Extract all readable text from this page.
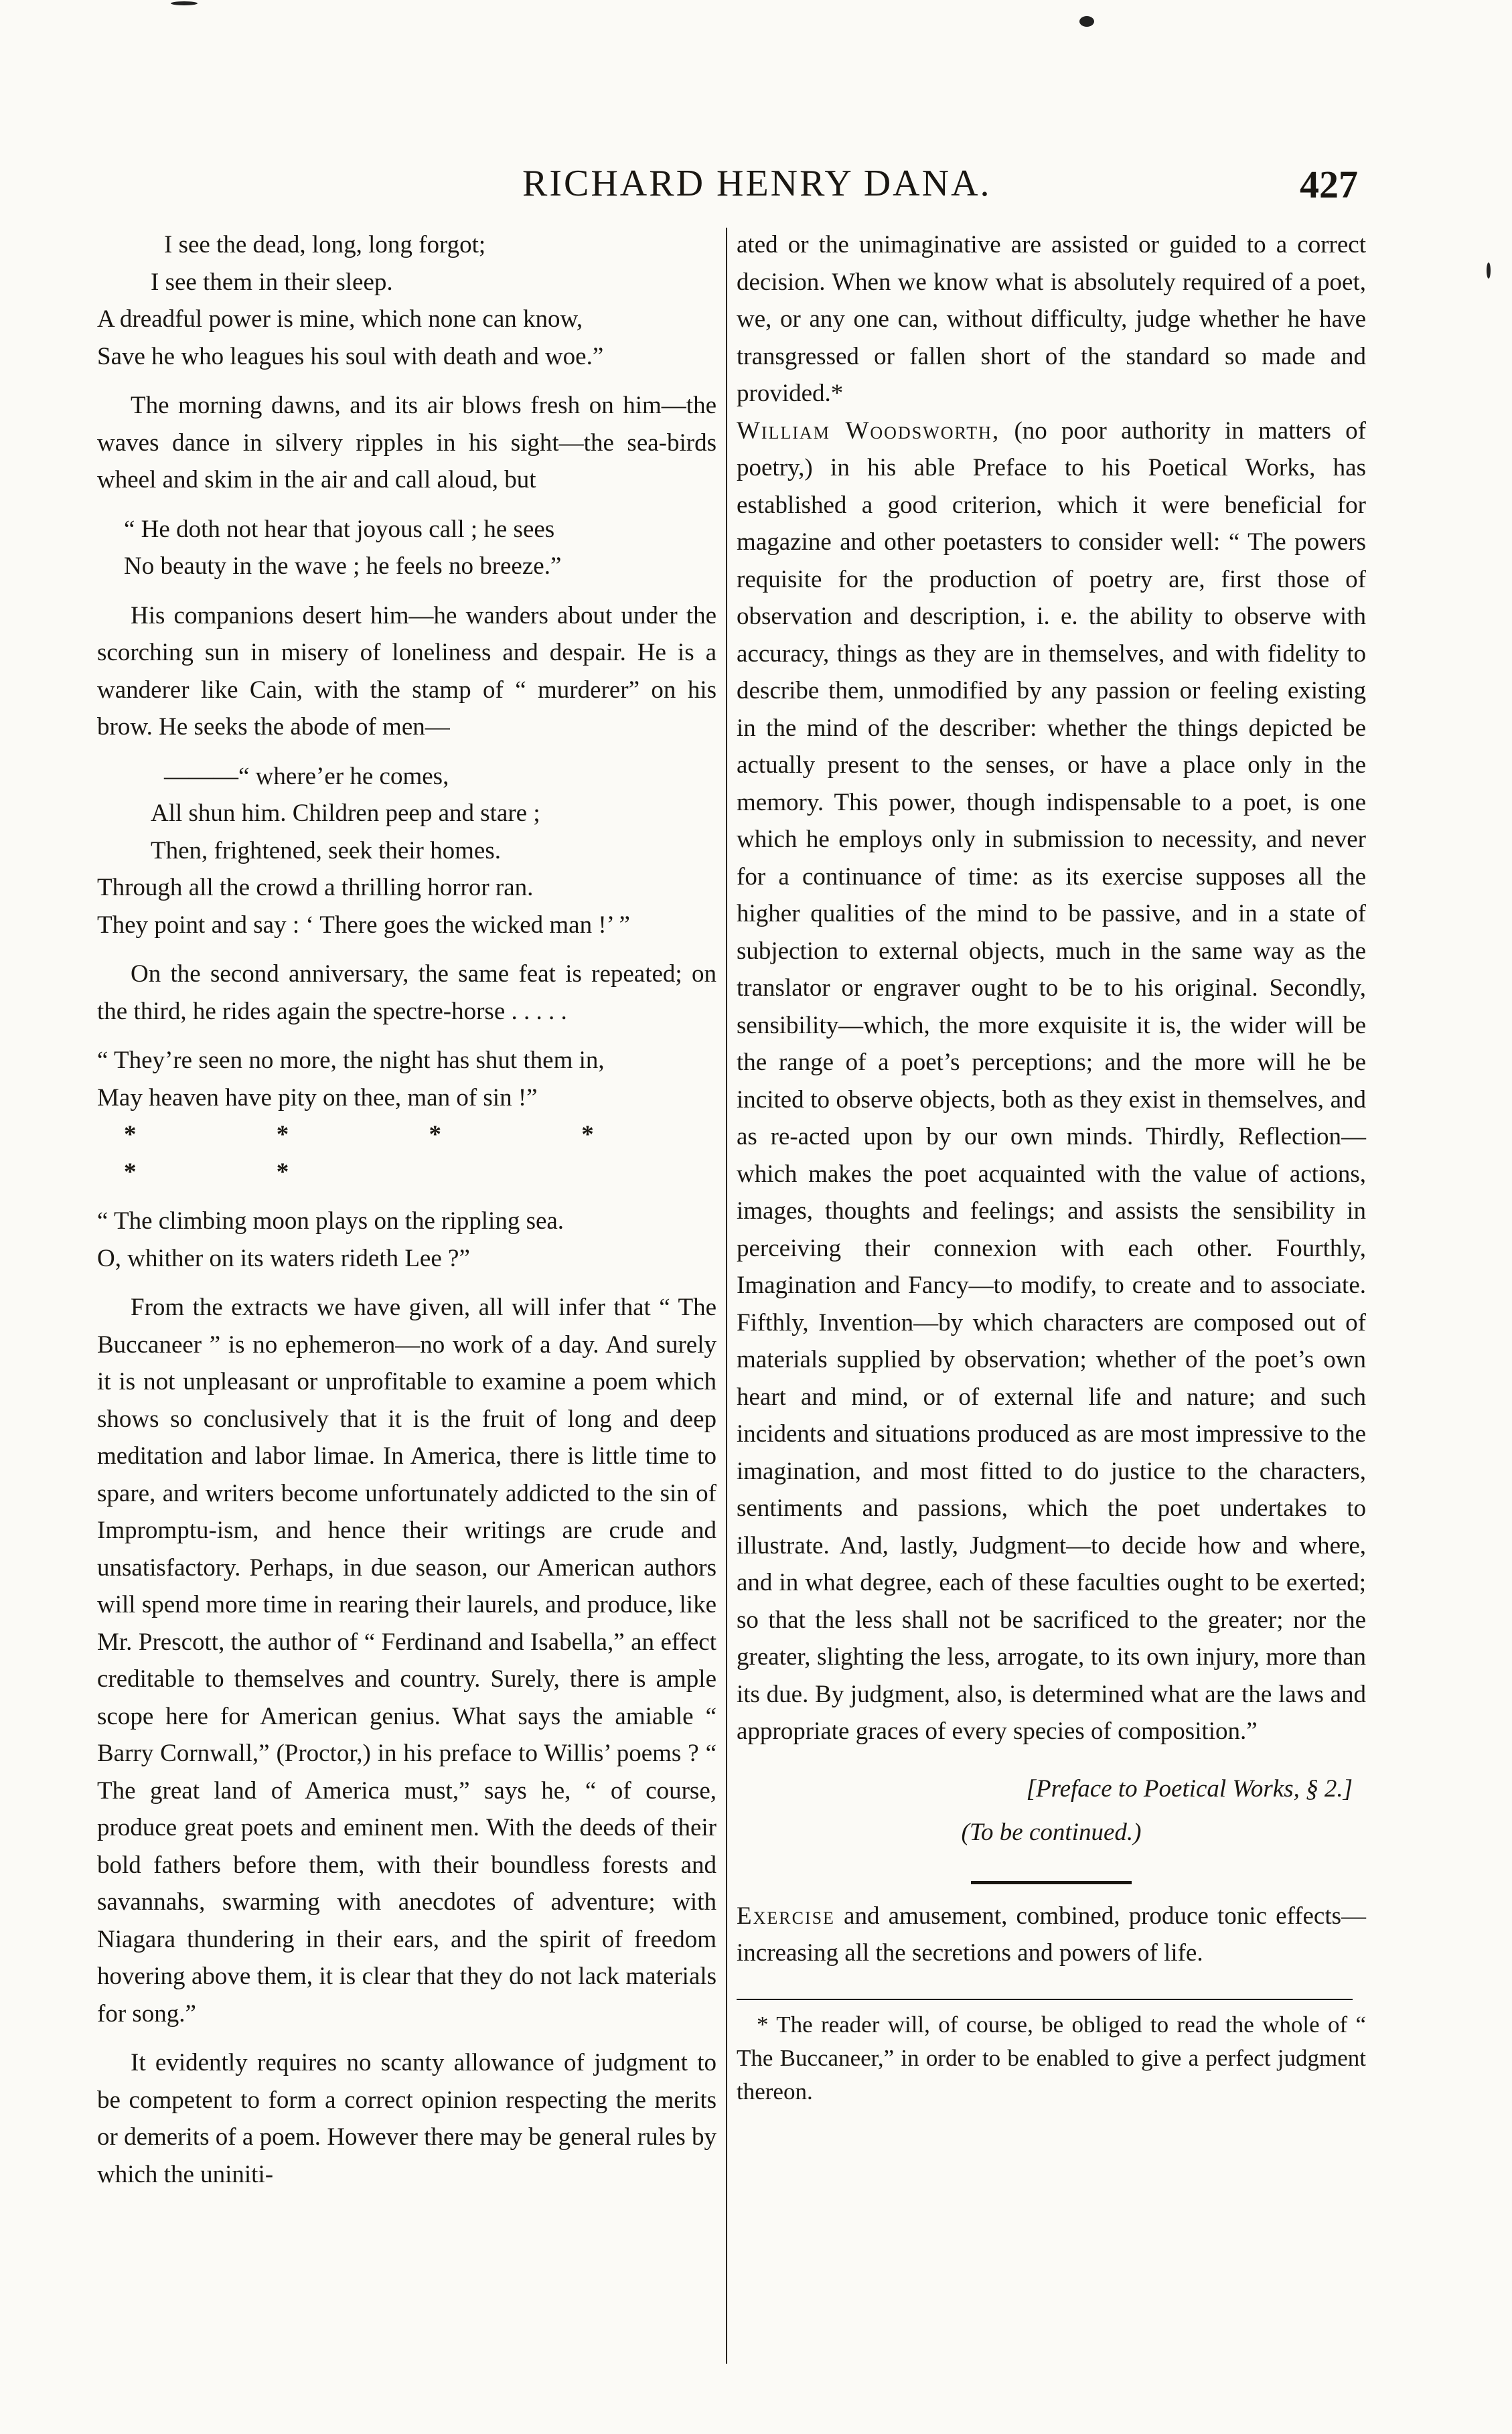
RICHARD HENRY DANA.	427
I see the dead, long, long forgot;
I see them in their sleep.
A dreadful power is mine, which none can know,
Save he who leagues his soul with death and woe.”

The morning dawns, and its air blows fresh on him—the waves dance in silvery ripples in his sight—the sea-birds wheel and skim in the air and call aloud, but

“ He doth not hear that joyous call ; he sees
No beauty in the wave ; he feels no breeze.”

His companions desert him—he wanders about under the scorching sun in misery of loneliness and despair. He is a wanderer like Cain, with the stamp of “ murderer” on his brow. He seeks the abode of men—

———“ where’er he comes,
All shun him. Children peep and stare ;
Then, frightened, seek their homes.
Through all the crowd a thrilling horror ran.
They point and say : ‘ There goes the wicked man !’ ”

On the second anniversary, the same feat is repeated; on the third, he rides again the spectre-horse . . . . .

“ They’re seen no more, the night has shut them in,
May heaven have pity on thee, man of sin !”
* * * * * *
“ The climbing moon plays on the rippling sea.
O, whither on its waters rideth Lee ?”

From the extracts we have given, all will infer that “ The Buccaneer ” is no ephemeron—no work of a day. And surely it is not unpleasant or unprofitable to examine a poem which shows so conclusively that it is the fruit of long and deep meditation and labor limae. In America, there is little time to spare, and writers become unfortunately addicted to the sin of Impromptu-ism, and hence their writings are crude and unsatisfactory. Perhaps, in due season, our American authors will spend more time in rearing their laurels, and produce, like Mr. Prescott, the author of “ Ferdinand and Isabella,” an effect creditable to themselves and country. Surely, there is ample scope here for American genius. What says the amiable “ Barry Cornwall,” (Proctor,) in his preface to Willis’ poems ? “ The great land of America must,” says he, “ of course, produce great poets and eminent men. With the deeds of their bold fathers before them, with their boundless forests and savannahs, swarming with anecdotes of adventure; with Niagara thundering in their ears, and the spirit of freedom hovering above them, it is clear that they do not lack materials for song.”

It evidently requires no scanty allowance of judgment to be competent to form a correct opinion respecting the merits or demerits of a poem. However there may be general rules by which the uniniti-

ated or the unimaginative are assisted or guided to a correct decision. When we know what is absolutely required of a poet, we, or any one can, without difficulty, judge whether he have transgressed or fallen short of the standard so made and provided.*

William Woodsworth, (no poor authority in matters of poetry,) in his able Preface to his Poetical Works, has established a good criterion, which it were beneficial for magazine and other poetasters to consider well: “ The powers requisite for the production of poetry are, first those of observation and description, i. e. the ability to observe with accuracy, things as they are in themselves, and with fidelity to describe them, unmodified by any passion or feeling existing in the mind of the describer: whether the things depicted be actually present to the senses, or have a place only in the memory. This power, though indispensable to a poet, is one which he employs only in submission to necessity, and never for a continuance of time: as its exercise supposes all the higher qualities of the mind to be passive, and in a state of subjection to external objects, much in the same way as the translator or engraver ought to be to his original. Secondly, sensibility—which, the more exquisite it is, the wider will be the range of a poet’s perceptions; and the more will he be incited to observe objects, both as they exist in themselves, and as re-acted upon by our own minds. Thirdly, Reflection—which makes the poet acquainted with the value of actions, images, thoughts and feelings; and assists the sensibility in perceiving their connexion with each other. Fourthly, Imagination and Fancy—to modify, to create and to associate. Fifthly, Invention—by which characters are composed out of materials supplied by observation; whether of the poet’s own heart and mind, or of external life and nature; and such incidents and situations produced as are most impressive to the imagination, and most fitted to do justice to the characters, sentiments and passions, which the poet undertakes to illustrate. And, lastly, Judgment—to decide how and where, and in what degree, each of these faculties ought to be exerted; so that the less shall not be sacrificed to the greater; nor the greater, slighting the less, arrogate, to its own injury, more than its due. By judgment, also, is determined what are the laws and appropriate graces of every species of composition.”

[Preface to Poetical Works, § 2.]

(To be continued.)

Exercise and amusement, combined, produce tonic effects—increasing all the secretions and powers of life.

* The reader will, of course, be obliged to read the whole of “ The Buccaneer,” in order to be enabled to give a perfect judgment thereon.
